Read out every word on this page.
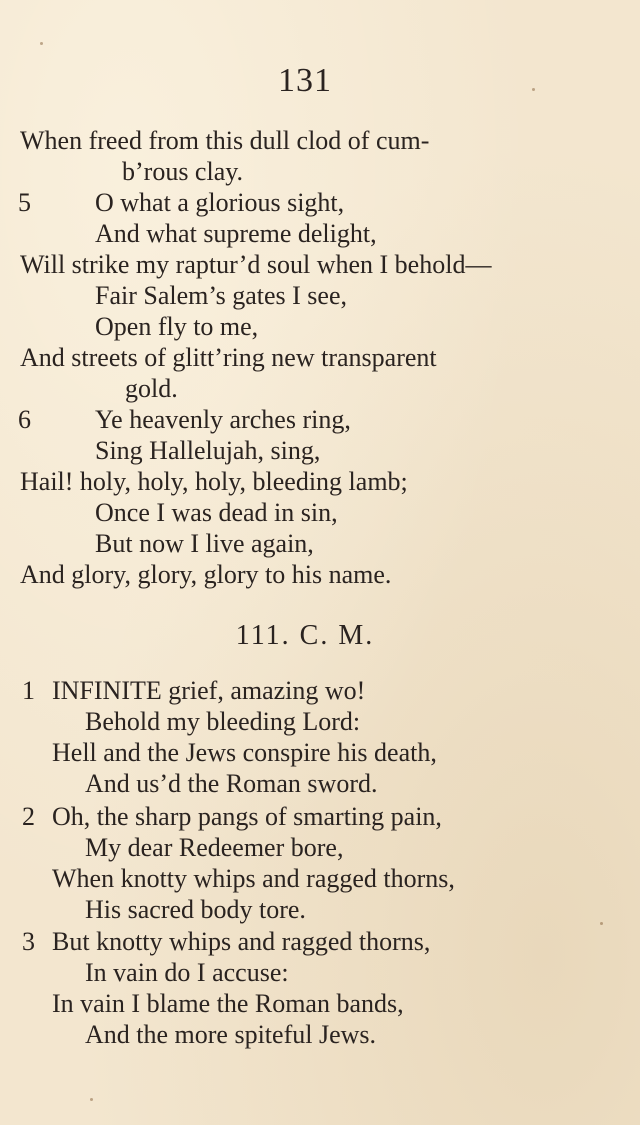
131
When freed from this dull clod of cum-
b’rous clay.
5 O what a glorious sight,
And what supreme delight,
Will strike my raptur’d soul when I behold—
Fair Salem’s gates I see,
Open fly to me,
And streets of glitt’ring new transparent
gold.
6 Ye heavenly arches ring,
Sing Hallelujah, sing,
Hail! holy, holy, holy, bleeding lamb;
Once I was dead in sin,
But now I live again,
And glory, glory, glory to his name.
111. C. M.
1 INFINITE grief, amazing wo!
Behold my bleeding Lord:
Hell and the Jews conspire his death,
And us’d the Roman sword.
2 Oh, the sharp pangs of smarting pain,
My dear Redeemer bore,
When knotty whips and ragged thorns,
His sacred body tore.
3 But knotty whips and ragged thorns,
In vain do I accuse:
In vain I blame the Roman bands,
And the more spiteful Jews.
